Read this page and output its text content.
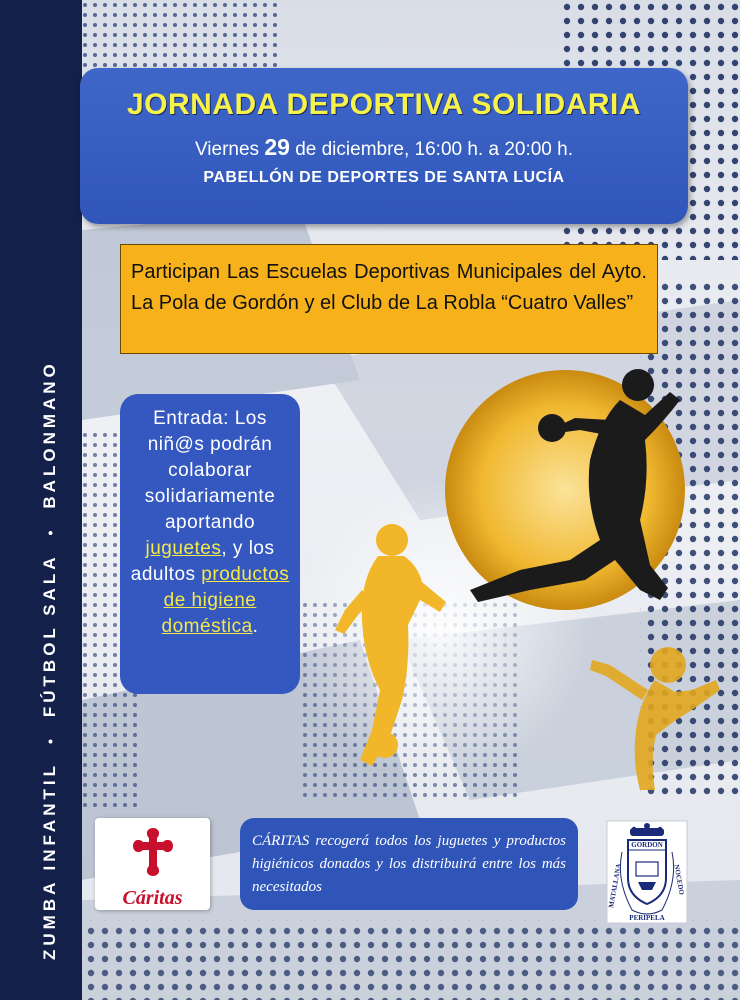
ZUMBA INFANTIL
•
FÚTBOL SALA
•
BALONMANO
JORNADA DEPORTIVA SOLIDARIA
Viernes 29 de diciembre, 16:00 h. a 20:00 h.
PABELLÓN DE DEPORTES DE SANTA LUCÍA

Participan Las Escuelas Deportivas Municipales del Ayto. La Pola de Gordón y el Club de La Robla “Cuatro Valles”

Entrada: Los niñ@s podrán colaborar solidariamente aportando juguetes, y los adultos productos de higiene doméstica.
Cáritas
CÁRITAS recogerá todos los juguetes y productos higiénicos donados y los distribuirá entre los más necesitados
GORDON
MATALLANA	NOCEDO
PERIPELA
